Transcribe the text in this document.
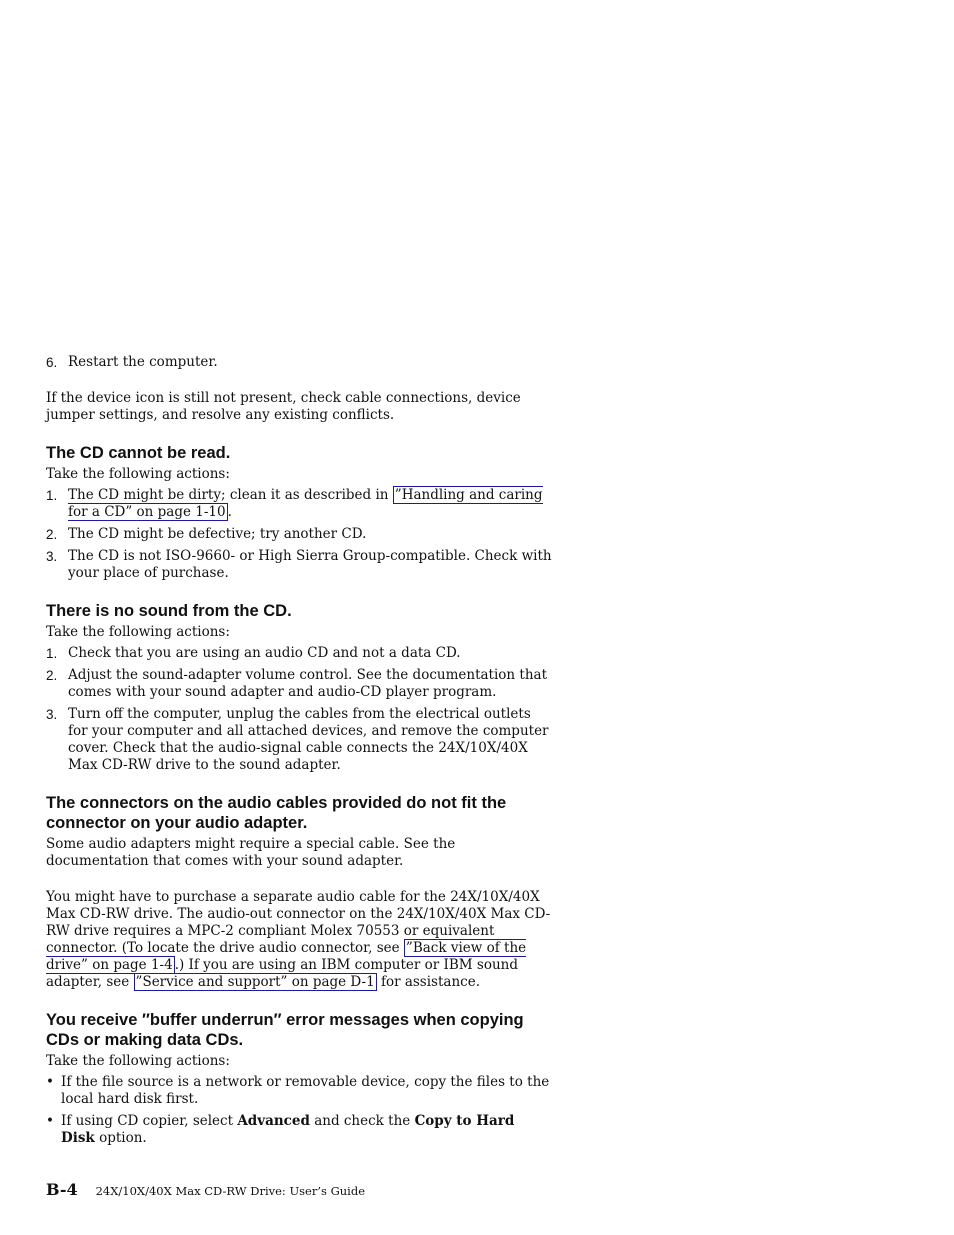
6. Restart the computer.

If the device icon is still not present, check cable connections, device jumper settings, and resolve any existing conflicts.

The CD cannot be read.

Take the following actions:

1. The CD might be dirty; clean it as described in ”Handling and caring for a CD” on page 1-10 .
2. The CD might be defective; try another CD.
3. The CD is not ISO-9660- or High Sierra Group-compatible. Check with your place of purchase.
There is no sound from the CD.

Take the following actions:

1. Check that you are using an audio CD and not a data CD.
2. Adjust the sound-adapter volume control. See the documentation that comes with your sound adapter and audio-CD player program.
3. Turn off the computer, unplug the cables from the electrical outlets for your computer and all attached devices, and remove the computer cover. Check that the audio-signal cable connects the 24X/10X/40X Max CD-RW drive to the sound adapter.
The connectors on the audio cables provided do not fit the connector on your audio adapter.

Some audio adapters might require a special cable. See the documentation that comes with your sound adapter.

You might have to purchase a separate audio cable for the 24X/10X/40X Max CD-RW drive. The audio-out connector on the 24X/10X/40X Max CD-RW drive requires a MPC-2 compliant Molex 70553 or equivalent connector. (To locate the drive audio connector, see ”Back view of the drive” on page 1-4 .) If you are using an IBM computer or IBM sound adapter, see ”Service and support” on page D-1 for assistance.

You receive ″buffer underrun″ error messages when copying CDs or making data CDs.

Take the following actions:

• If the file source is a network or removable device, copy the files to the local hard disk first.
• If using CD copier, select Advanced and check the Copy to Hard Disk option.
B-4 24X/10X/40X Max CD-RW Drive: User’s Guide
